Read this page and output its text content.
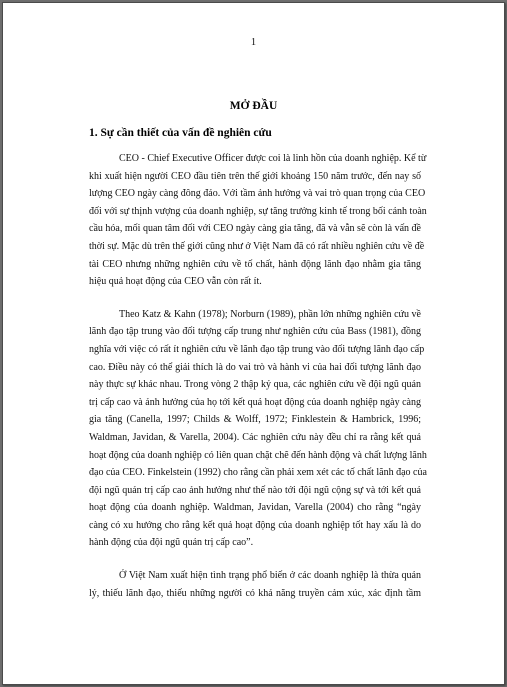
1
MỞ ĐẦU
1. Sự cần thiết của vấn đề nghiên cứu
CEO - Chief Executive Officer được coi là linh hồn của doanh nghiệp. Kể từ
khi xuất hiện người CEO đầu tiên trên thế giới khoảng 150 năm trước, đến nay số
lượng CEO ngày càng đông đảo. Với tầm ảnh hưởng và vai trò quan trọng của CEO
đối với sự thịnh vượng của doanh nghiệp, sự tăng trưởng kinh tế trong bối cảnh toàn
cầu hóa, mối quan tâm đối với CEO ngày càng gia tăng, đã và vẫn sẽ còn là vấn đề
thời sự. Mặc dù trên thế giới cũng như ở Việt Nam đã có rất nhiều nghiên cứu về đề
tài CEO nhưng những nghiên cứu về tố chất, hành động lãnh đạo nhằm gia tăng
hiệu quả hoạt động của CEO vẫn còn rất ít.
Theo Katz & Kahn (1978); Norburn (1989), phần lớn những nghiên cứu về
lãnh đạo tập trung vào đối tượng cấp trung như nghiên cứu của Bass (1981), đồng
nghĩa với việc có rất ít nghiên cứu về lãnh đạo tập trung vào đối tượng lãnh đạo cấp
cao. Điều này có thể giải thích là do vai trò và hành vi của hai đối tượng lãnh đạo
này thực sự khác nhau. Trong vòng 2 thập kỷ qua, các nghiên cứu về đội ngũ quản
trị cấp cao và ảnh hưởng của họ tới kết quả hoạt động của doanh nghiệp ngày càng
gia tăng (Canella, 1997; Childs & Wolff, 1972; Finklestein & Hambrick, 1996;
Waldman, Javidan, & Varella, 2004). Các nghiên cứu này đều chỉ ra rằng kết quả
hoạt động của doanh nghiệp có liên quan chặt chẽ đến hành động và chất lượng lãnh
đạo của CEO. Finkelstein (1992) cho rằng cần phải xem xét các tố chất lãnh đạo của
đội ngũ quản trị cấp cao ảnh hưởng như thế nào tới đội ngũ cộng sự và tới kết quả
hoạt động của doanh nghiệp. Waldman, Javidan, Varella (2004) cho rằng “ngày
càng có xu hướng cho rằng kết quả hoạt động của doanh nghiệp tốt hay xấu là do
hành động của đội ngũ quản trị cấp cao”.
Ở Việt Nam xuất hiện tình trạng phổ biến ở các doanh nghiệp là thừa quản
lý, thiếu lãnh đạo, thiếu những người có khả năng truyền cảm xúc, xác định tầm
